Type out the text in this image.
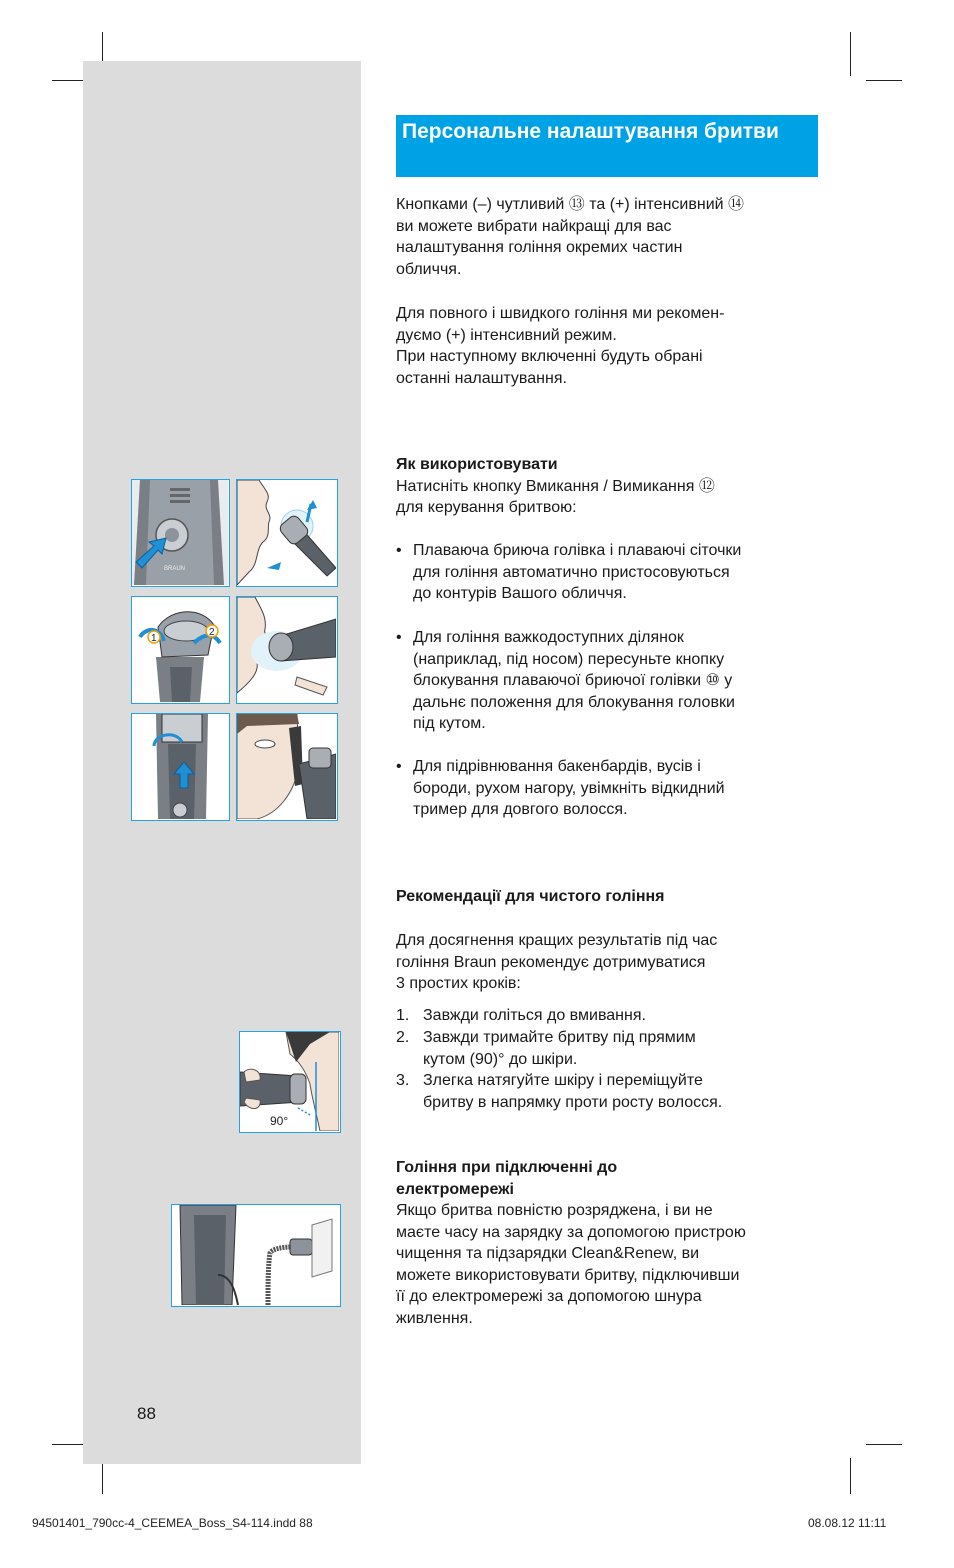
BRAUN
1
2
90°
Персональне налаштування бритви

Кнопками (–) чутливий ⑬ та (+) інтенсивний ⑭

ви можете вибрати найкращі для вас

налаштування гоління окремих частин

обличчя.

Для повного і швидкого гоління ми рекомен-

дуємо (+) інтенсивний режим.

При наступному включенні будуть обрані

останні налаштування.

Як використовувати

Натисніть кнопку Вмикання / Вимикання ⑫

для керування бритвою:

• Плаваюча бриюча голівка і плаваючі сіточки
для гоління автоматично пристосовуються
до контурів Вашого обличчя.
• Для гоління важкодоступних ділянок
(наприклад, під носом) пересуньте кнопку
блокування плаваючої бриючої голівки ⑩ у
дальнє положення для блокування головки
під кутом.
• Для підрівнювання бакенбардів, вусів і
бороди, рухом нагору, увімкніть відкидний
тример для довгого волосся.

Рекомендації для чистого гоління

Для досягнення кращих результатів під час

гоління Braun рекомендує дотримуватися

3 простих кроків:

1. Завжди голіться до вмивання.
2. Завжди тримайте бритву під прямим
кутом (90)° до шкіри.
3. Злегка натягуйте шкіру і переміщуйте
бритву в напрямку проти росту волосся.

Гоління при підключенні до

електромережі

Якщо бритва повністю розряджена, і ви не

маєте часу на зарядку за допомогою пристрою

чищення та підзарядки Clean&Renew, ви

можете використовувати бритву, підключивши

її до електромережі за допомогою шнура

живлення.

88
94501401_790cc-4_CEEMEA_Boss_S4-114.indd 88	08.08.12 11:11
